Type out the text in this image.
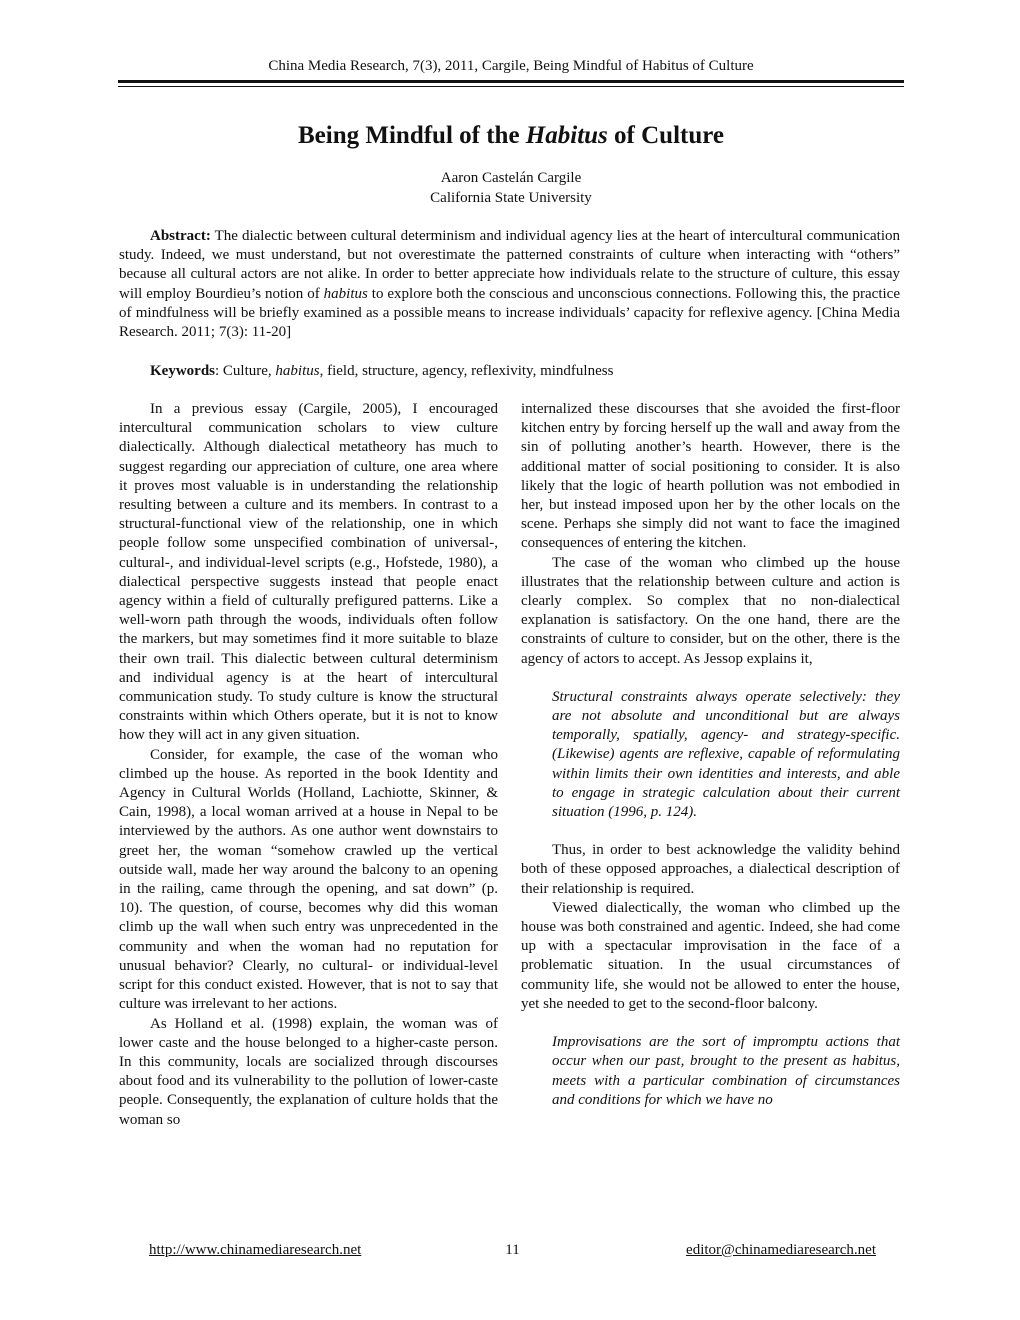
China Media Research, 7(3), 2011, Cargile, Being Mindful of Habitus of Culture
Being Mindful of the Habitus of Culture
Aaron Castelán Cargile
California State University

Abstract: The dialectic between cultural determinism and individual agency lies at the heart of intercultural communication study. Indeed, we must understand, but not overestimate the patterned constraints of culture when interacting with “others” because all cultural actors are not alike. In order to better appreciate how individuals relate to the structure of culture, this essay will employ Bourdieu’s notion of habitus to explore both the conscious and unconscious connections. Following this, the practice of mindfulness will be briefly examined as a possible means to increase individuals’ capacity for reflexive agency. [China Media Research. 2011; 7(3): 11-20]

Keywords: Culture, habitus, field, structure, agency, reflexivity, mindfulness

In a previous essay (Cargile, 2005), I encouraged intercultural communication scholars to view culture dialectically. Although dialectical metatheory has much to suggest regarding our appreciation of culture, one area where it proves most valuable is in understanding the relationship resulting between a culture and its members. In contrast to a structural-functional view of the relationship, one in which people follow some unspecified combination of universal-, cultural-, and individual-level scripts (e.g., Hofstede, 1980), a dialectical perspective suggests instead that people enact agency within a field of culturally prefigured patterns. Like a well-worn path through the woods, individuals often follow the markers, but may sometimes find it more suitable to blaze their own trail. This dialectic between cultural determinism and individual agency is at the heart of intercultural communication study. To study culture is know the structural constraints within which Others operate, but it is not to know how they will act in any given situation.

Consider, for example, the case of the woman who climbed up the house. As reported in the book Identity and Agency in Cultural Worlds (Holland, Lachiotte, Skinner, & Cain, 1998), a local woman arrived at a house in Nepal to be interviewed by the authors. As one author went downstairs to greet her, the woman “somehow crawled up the vertical outside wall, made her way around the balcony to an opening in the railing, came through the opening, and sat down” (p. 10). The question, of course, becomes why did this woman climb up the wall when such entry was unprecedented in the community and when the woman had no reputation for unusual behavior? Clearly, no cultural- or individual-level script for this conduct existed. However, that is not to say that culture was irrelevant to her actions.

As Holland et al. (1998) explain, the woman was of lower caste and the house belonged to a higher-caste person. In this community, locals are socialized through discourses about food and its vulnerability to the pollution of lower-caste people. Consequently, the explanation of culture holds that the woman so

internalized these discourses that she avoided the first-floor kitchen entry by forcing herself up the wall and away from the sin of polluting another’s hearth. However, there is the additional matter of social positioning to consider. It is also likely that the logic of hearth pollution was not embodied in her, but instead imposed upon her by the other locals on the scene. Perhaps she simply did not want to face the imagined consequences of entering the kitchen.

The case of the woman who climbed up the house illustrates that the relationship between culture and action is clearly complex. So complex that no non-dialectical explanation is satisfactory. On the one hand, there are the constraints of culture to consider, but on the other, there is the agency of actors to accept. As Jessop explains it,

Structural constraints always operate selectively: they are not absolute and unconditional but are always temporally, spatially, agency- and strategy-specific. (Likewise) agents are reflexive, capable of reformulating within limits their own identities and interests, and able to engage in strategic calculation about their current situation (1996, p. 124).

Thus, in order to best acknowledge the validity behind both of these opposed approaches, a dialectical description of their relationship is required.

Viewed dialectically, the woman who climbed up the house was both constrained and agentic. Indeed, she had come up with a spectacular improvisation in the face of a problematic situation. In the usual circumstances of community life, she would not be allowed to enter the house, yet she needed to get to the second-floor balcony.

Improvisations are the sort of impromptu actions that occur when our past, brought to the present as habitus, meets with a particular combination of circumstances and conditions for which we have no

http://www.chinamediaresearch.net	11	editor@chinamediaresearch.net
